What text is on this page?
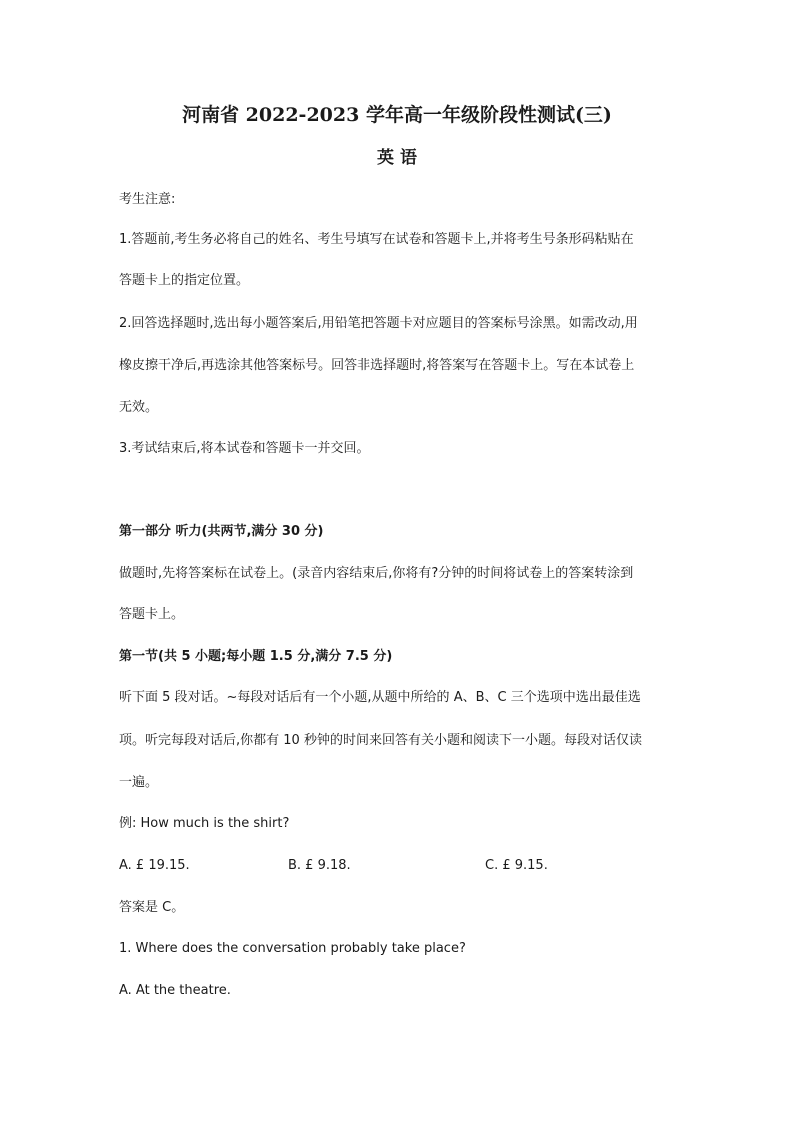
河南省 2022-2023 学年高一年级阶段性测试(三)
英 语
考生注意:
1.答题前,考生务必将自己的姓名、考生号填写在试卷和答题卡上,并将考生号条形码粘贴在
答题卡上的指定位置。
2.回答选择题时,选出每小题答案后,用铅笔把答题卡对应题目的答案标号涂黑。如需改动,用
橡皮擦干净后,再选涂其他答案标号。回答非选择题时,将答案写在答题卡上。写在本试卷上
无效。
3.考试结束后,将本试卷和答题卡一并交回。
第一部分 听力(共两节,满分 30 分)
做题时,先将答案标在试卷上。(录音内容结束后,你将有?分钟的时间将试卷上的答案转涂到
答题卡上。
第一节(共 5 小题;每小题 1.5 分,满分 7.5 分)
听下面 5 段对话。~每段对话后有一个小题,从题中所给的 A、B、C 三个选项中选出最佳选
项。听完每段对话后,你都有 10 秒钟的时间来回答有关小题和阅读下一小题。每段对话仅读
一遍。
例: How much is the shirt?
A. £ 19.15.	B. £ 9.18.	C. £ 9.15.
答案是 C。
1. Where does the conversation probably take place?
A. At the theatre.
